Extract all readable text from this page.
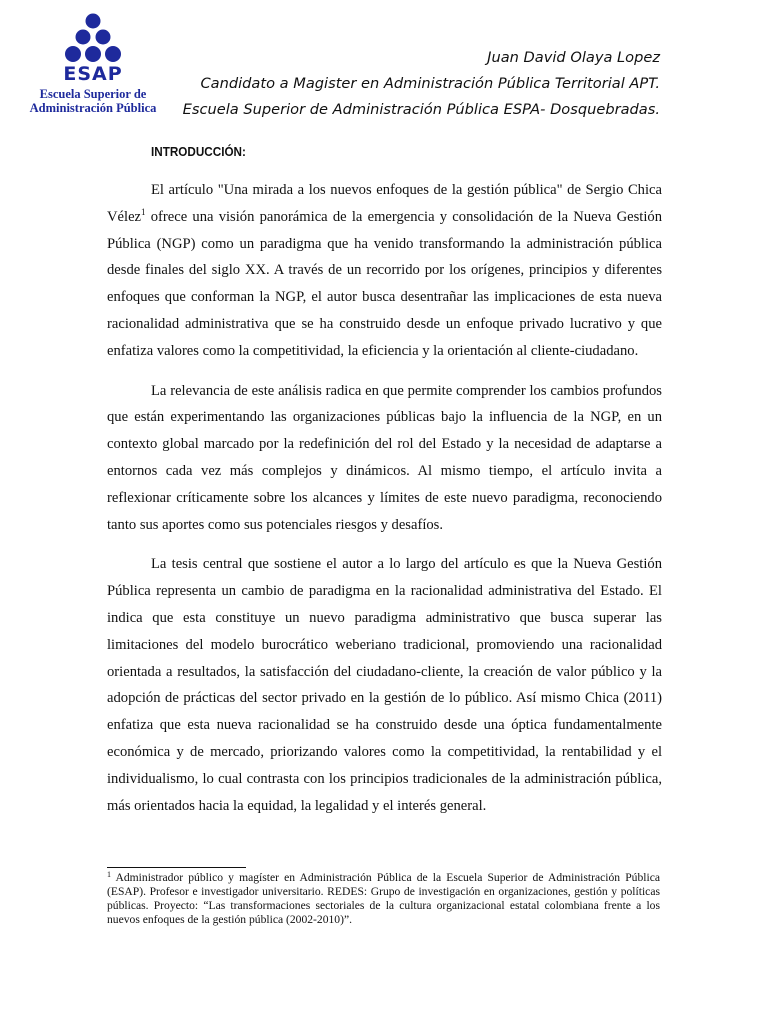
ESAP
Escuela Superior de
Administración Pública
Juan David Olaya Lopez
Candidato a Magister en Administración Pública Territorial APT.
Escuela Superior de Administración Pública ESPA- Dosquebradas.
INTRODUCCIÓN:

El artículo "Una mirada a los nuevos enfoques de la gestión pública" de Sergio Chica Vélez$^1$ ofrece una visión panorámica de la emergencia y consolidación de la Nueva Gestión Pública (NGP) como un paradigma que ha venido transformando la administración pública desde finales del siglo XX. A través de un recorrido por los orígenes, principios y diferentes enfoques que conforman la NGP, el autor busca desentrañar las implicaciones de esta nueva racionalidad administrativa que se ha construido desde un enfoque privado lucrativo y que enfatiza valores como la competitividad, la eficiencia y la orientación al cliente-ciudadano.

La relevancia de este análisis radica en que permite comprender los cambios profundos que están experimentando las organizaciones públicas bajo la influencia de la NGP, en un contexto global marcado por la redefinición del rol del Estado y la necesidad de adaptarse a entornos cada vez más complejos y dinámicos. Al mismo tiempo, el artículo invita a reflexionar críticamente sobre los alcances y límites de este nuevo paradigma, reconociendo tanto sus aportes como sus potenciales riesgos y desafíos.

La tesis central que sostiene el autor a lo largo del artículo es que la Nueva Gestión Pública representa un cambio de paradigma en la racionalidad administrativa del Estado. El indica que esta constituye un nuevo paradigma administrativo que busca superar las limitaciones del modelo burocrático weberiano tradicional, promoviendo una racionalidad orientada a resultados, la satisfacción del ciudadano-cliente, la creación de valor público y la adopción de prácticas del sector privado en la gestión de lo público. Así mismo Chica (2011) enfatiza que esta nueva racionalidad se ha construido desde una óptica fundamentalmente económica y de mercado, priorizando valores como la competitividad, la rentabilidad y el individualismo, lo cual contrasta con los principios tradicionales de la administración pública, más orientados hacia la equidad, la legalidad y el interés general.

$^1$ Administrador público y magíster en Administración Pública de la Escuela Superior de Administración Pública (ESAP). Profesor e investigador universitario. REDES: Grupo de investigación en organizaciones, gestión y políticas públicas. Proyecto: “Las transformaciones sectoriales de la cultura organizacional estatal colombiana frente a los nuevos enfoques de la gestión pública (2002-2010)”.
